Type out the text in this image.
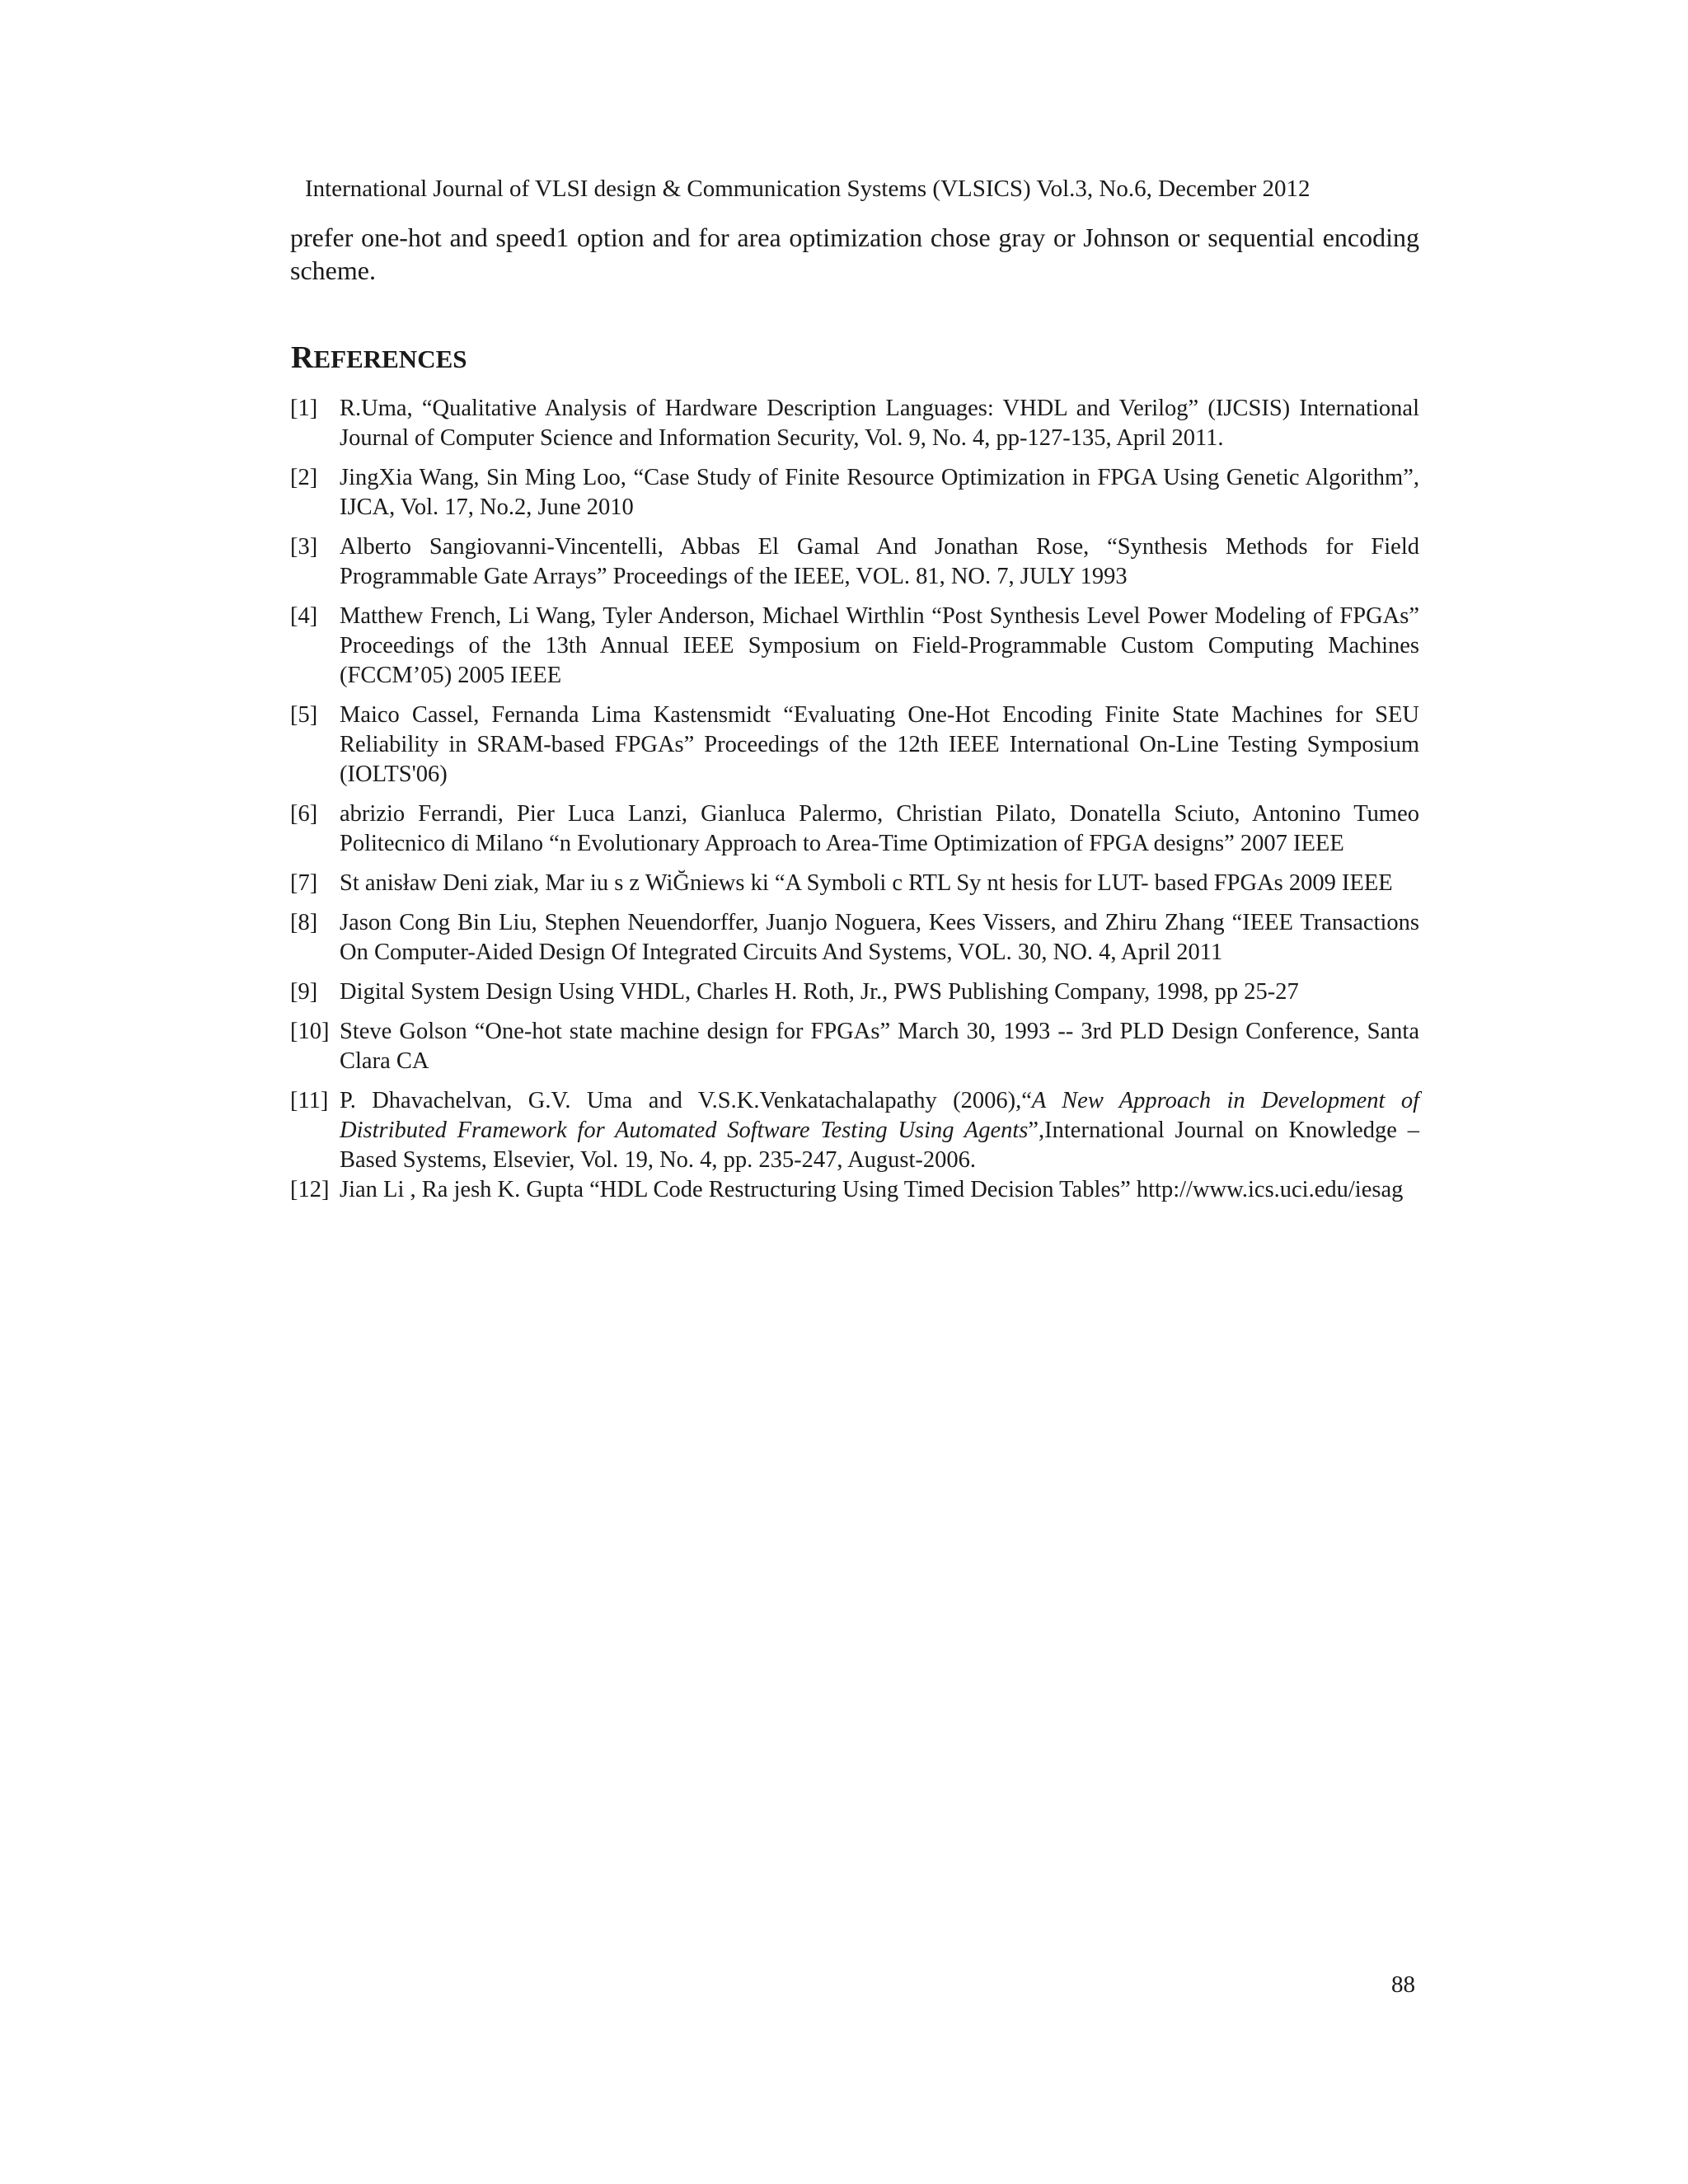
International Journal of VLSI design & Communication Systems (VLSICS) Vol.3, No.6, December 2012
prefer one-hot and speed1 option and for area optimization chose gray or Johnson or sequential encoding scheme.
REFERENCES
[1] R.Uma, “Qualitative Analysis of Hardware Description Languages: VHDL and Verilog” (IJCSIS) International Journal of Computer Science and Information Security, Vol. 9, No. 4, pp-127-135, April 2011.
[2] JingXia Wang, Sin Ming Loo, “Case Study of Finite Resource Optimization in FPGA Using Genetic Algorithm”, IJCA, Vol. 17, No.2, June 2010
[3] Alberto Sangiovanni-Vincentelli, Abbas El Gamal And Jonathan Rose, “Synthesis Methods for Field Programmable Gate Arrays” Proceedings of the IEEE, VOL. 81, NO. 7, JULY 1993
[4] Matthew French, Li Wang, Tyler Anderson, Michael Wirthlin “Post Synthesis Level Power Modeling of FPGAs” Proceedings of the 13th Annual IEEE Symposium on Field-Programmable Custom Computing Machines (FCCM’05) 2005 IEEE
[5] Maico Cassel, Fernanda Lima Kastensmidt “Evaluating One-Hot Encoding Finite State Machines for SEU Reliability in SRAM-based FPGAs” Proceedings of the 12th IEEE International On-Line Testing Symposium (IOLTS'06)
[6] abrizio Ferrandi, Pier Luca Lanzi, Gianluca Palermo, Christian Pilato, Donatella Sciuto, Antonino Tumeo Politecnico di Milano “n Evolutionary Approach to Area-Time Optimization of FPGA designs” 2007 IEEE
[7] St anisław Deni ziak, Mar iu s z WiĞniews ki “A Symboli c RTL Sy nt hesis for LUT- based FPGAs 2009 IEEE
[8] Jason Cong Bin Liu, Stephen Neuendorffer, Juanjo Noguera, Kees Vissers, and Zhiru Zhang “IEEE Transactions On Computer-Aided Design Of Integrated Circuits And Systems, VOL. 30, NO. 4, April 2011
[9] Digital System Design Using VHDL, Charles H. Roth, Jr., PWS Publishing Company, 1998, pp 25-27
[10] Steve Golson “One-hot state machine design for FPGAs” March 30, 1993 -- 3rd PLD Design Conference, Santa Clara CA
[11] P. Dhavachelvan, G.V. Uma and V.S.K.Venkatachalapathy (2006),“A New Approach in Development of Distributed Framework for Automated Software Testing Using Agents”,International Journal on Knowledge –Based Systems, Elsevier, Vol. 19, No. 4, pp. 235-247, August-2006.
[12] Jian Li , Ra jesh K. Gupta “HDL Code Restructuring Using Timed Decision Tables” http://www.ics.uci.edu/iesag
88
